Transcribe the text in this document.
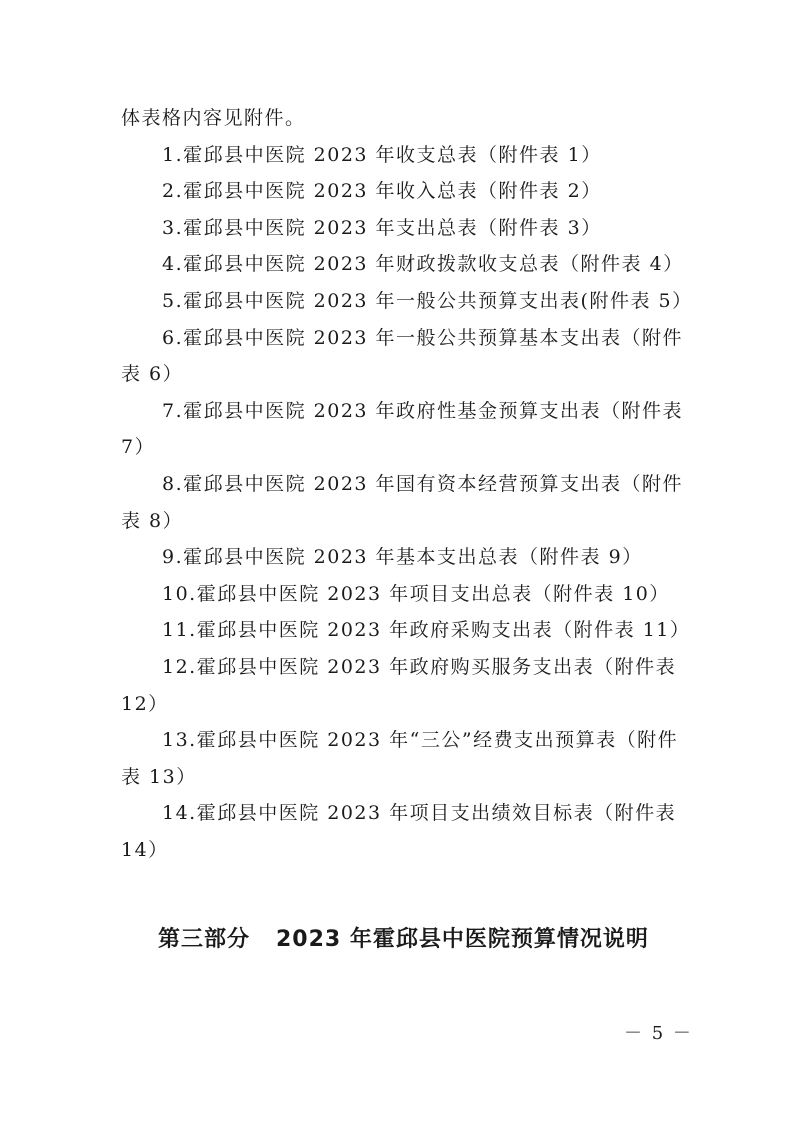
体表格内容见附件。
1.霍邱县中医院 2023 年收支总表（附件表 1）
2.霍邱县中医院 2023 年收入总表（附件表 2）
3.霍邱县中医院 2023 年支出总表（附件表 3）
4.霍邱县中医院 2023 年财政拨款收支总表（附件表 4）
5.霍邱县中医院 2023 年一般公共预算支出表(附件表 5）
6.霍邱县中医院 2023 年一般公共预算基本支出表（附件
表 6）
7.霍邱县中医院 2023 年政府性基金预算支出表（附件表
7）
8.霍邱县中医院 2023 年国有资本经营预算支出表（附件
表 8）
9.霍邱县中医院 2023 年基本支出总表（附件表 9）
10.霍邱县中医院 2023 年项目支出总表（附件表 10）
11.霍邱县中医院 2023 年政府采购支出表（附件表 11）
12.霍邱县中医院 2023 年政府购买服务支出表（附件表
12）
13.霍邱县中医院 2023 年“三公”经费支出预算表（附件
表 13）
14.霍邱县中医院 2023 年项目支出绩效目标表（附件表
14）
第三部分   2023 年霍邱县中医院预算情况说明
－ 5 －
